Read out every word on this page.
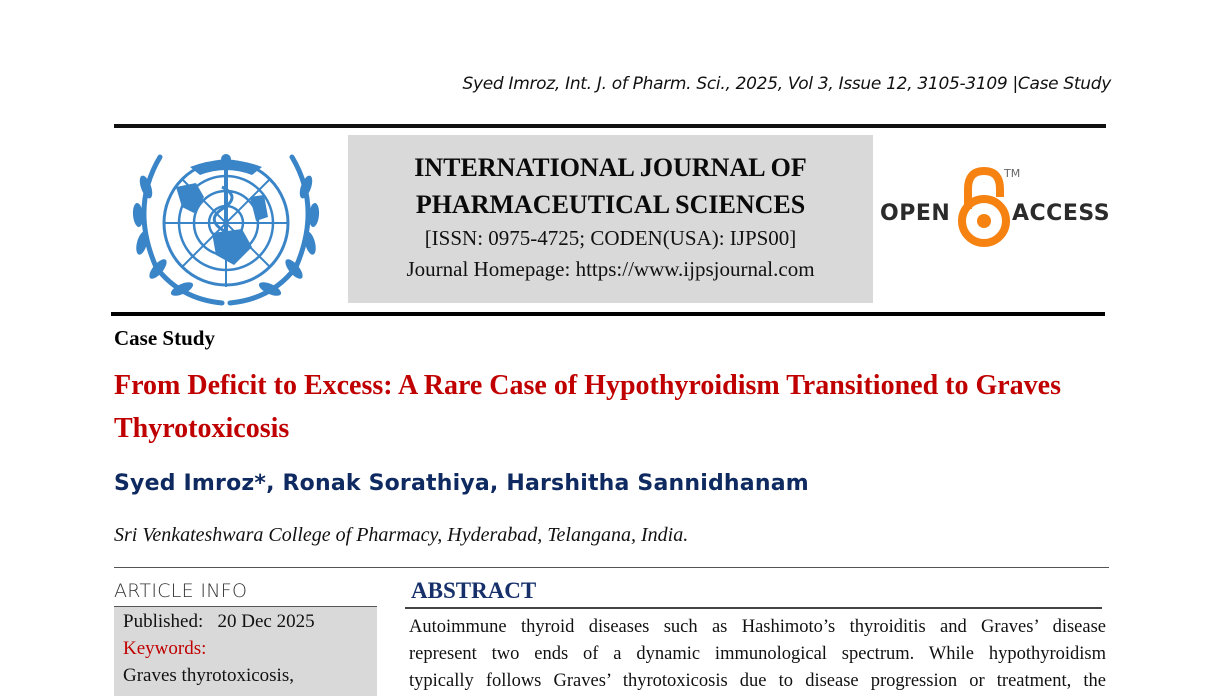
Syed Imroz, Int. J. of Pharm. Sci., 2025, Vol 3, Issue 12, 3105-3109 |Case Study
INTERNATIONAL JOURNAL OF
PHARMACEUTICAL SCIENCES
[ISSN: 0975-4725; CODEN(USA): IJPS00]
Journal Homepage: https://www.ijpsjournal.com
OPEN
TM
ACCESS
Case Study
From Deficit to Excess: A Rare Case of Hypothyroidism Transitioned to Graves Thyrotoxicosis
Syed Imroz*, Ronak Sorathiya, Harshitha Sannidhanam
Sri Venkateshwara College of Pharmacy, Hyderabad, Telangana, India.
ARTICLE INFO
Published: 20 Dec 2025
Keywords:
Graves thyrotoxicosis,
ABSTRACT
Autoimmune thyroid diseases such as Hashimoto’s thyroiditis and Graves’ disease
represent two ends of a dynamic immunological spectrum. While hypothyroidism
typically follows Graves’ thyrotoxicosis due to disease progression or treatment, the
